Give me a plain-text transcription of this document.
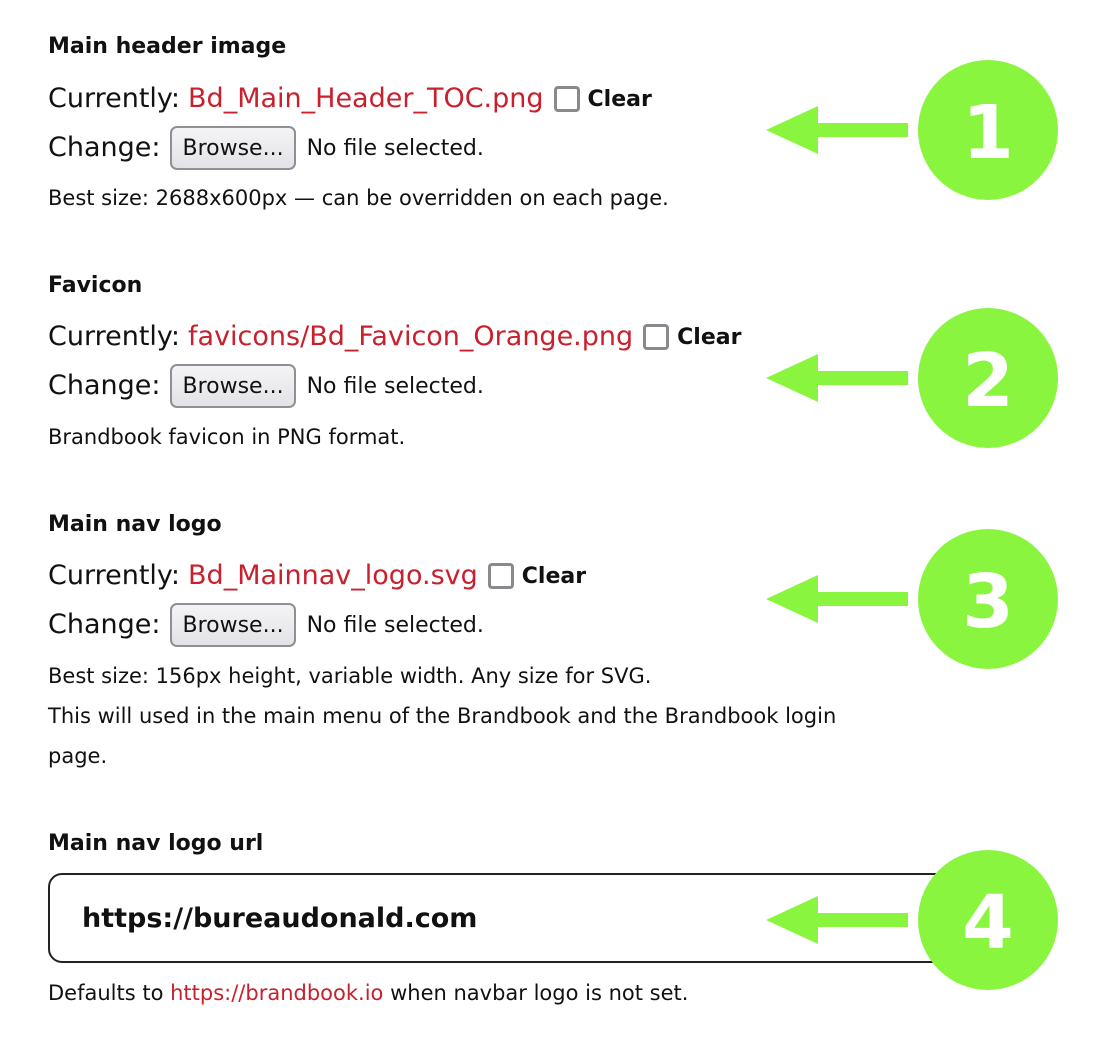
Main header image

Currently: Bd_Main_Header_TOC.png Clear
Change:	Browse...	No file selected.
Best size: 2688x600px — can be overridden on each page.

Favicon

Currently: favicons/Bd_Favicon_Orange.png Clear
Change:	Browse...	No file selected.
Brandbook favicon in PNG format.

Main nav logo

Currently: Bd_Mainnav_logo.svg Clear
Change:	Browse...	No file selected.
Best size: 156px height, variable width. Any size for SVG.
This will used in the main menu of the Brandbook and the Brandbook login
page.

Main nav logo url

https://bureaudonald.com
Defaults to https://brandbook.io when navbar logo is not set.
1
2
3
4
